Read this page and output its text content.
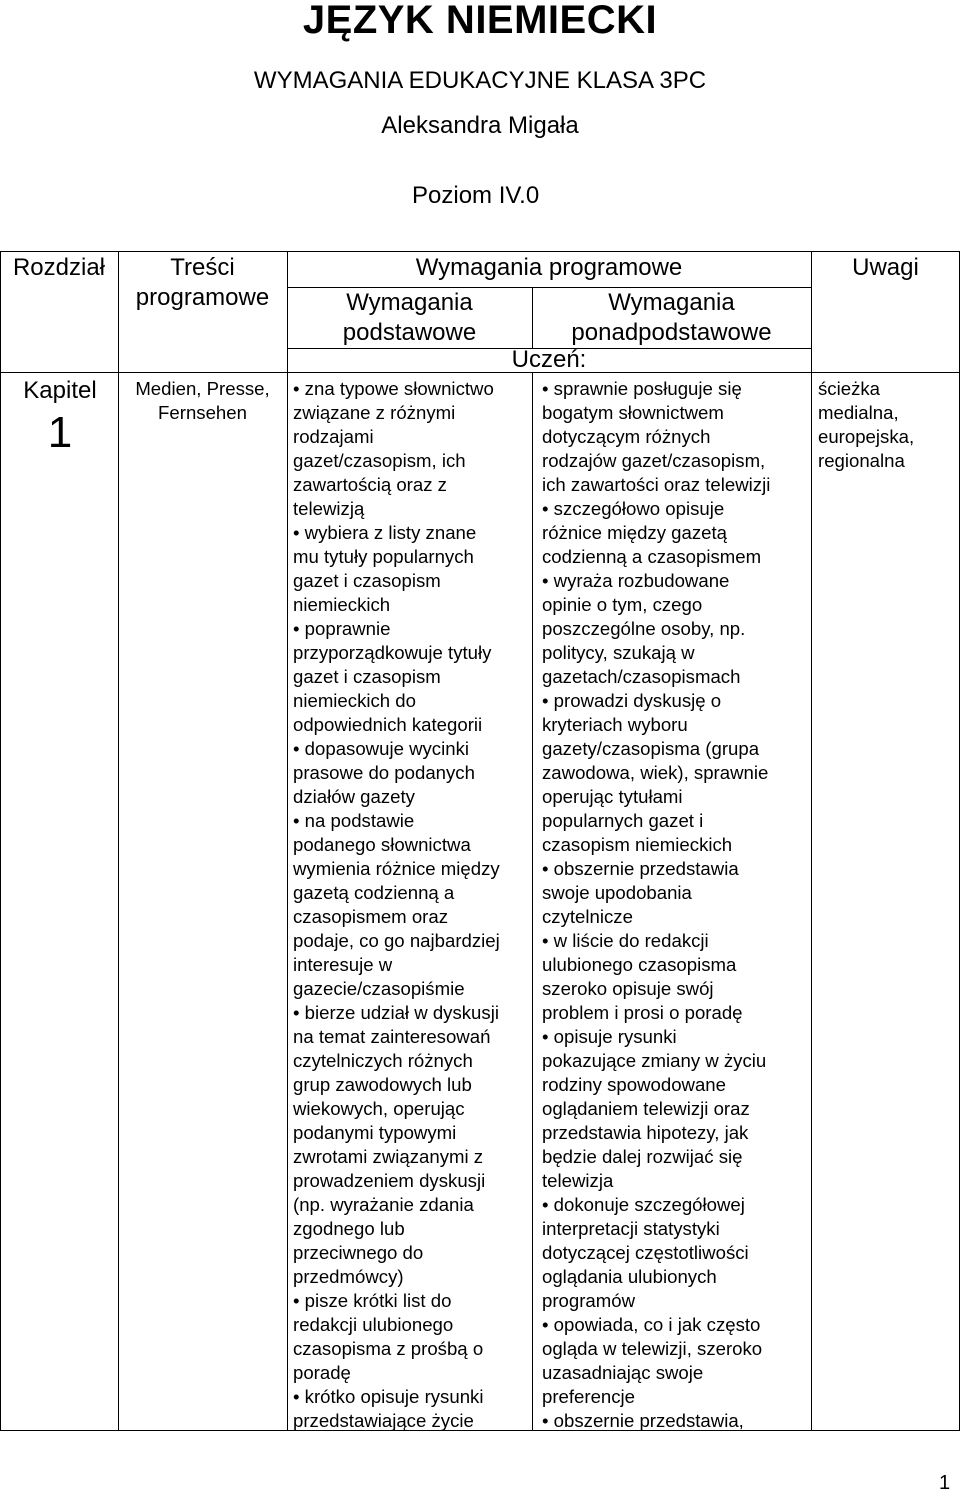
JĘZYK NIEMIECKI
WYMAGANIA EDUKACYJNE KLASA 3PC
Aleksandra Migała
Poziom IV.0
Rozdział	Treści
programowe
Wymagania programowe
Wymagania
podstawowe
Wymagania
ponadpodstawowe
Uczeń:
Uwagi
Kapitel
1
Medien, Presse,
Fernsehen
• zna typowe słownictwo
związane z różnymi
rodzajami
gazet/czasopism, ich
zawartością oraz z
telewizją
• wybiera z listy znane
mu tytuły popularnych
gazet i czasopism
niemieckich
• poprawnie
przyporządkowuje tytuły
gazet i czasopism
niemieckich do
odpowiednich kategorii
• dopasowuje wycinki
prasowe do podanych
działów gazety
• na podstawie
podanego słownictwa
wymienia różnice między
gazetą codzienną a
czasopismem oraz
podaje, co go najbardziej
interesuje w
gazecie/czasopiśmie
• bierze udział w dyskusji
na temat zainteresowań
czytelniczych różnych
grup zawodowych lub
wiekowych, operując
podanymi typowymi
zwrotami związanymi z
prowadzeniem dyskusji
(np. wyrażanie zdania
zgodnego lub
przeciwnego do
przedmówcy)
• pisze krótki list do
redakcji ulubionego
czasopisma z prośbą o
poradę
• krótko opisuje rysunki
przedstawiające życie
• sprawnie posługuje się
bogatym słownictwem
dotyczącym różnych
rodzajów gazet/czasopism,
ich zawartości oraz telewizji
• szczegółowo opisuje
różnice między gazetą
codzienną a czasopismem
• wyraża rozbudowane
opinie o tym, czego
poszczególne osoby, np.
politycy, szukają w
gazetach/czasopismach
• prowadzi dyskusję o
kryteriach wyboru
gazety/czasopisma (grupa
zawodowa, wiek), sprawnie
operując tytułami
popularnych gazet i
czasopism niemieckich
• obszernie przedstawia
swoje upodobania
czytelnicze
• w liście do redakcji
ulubionego czasopisma
szeroko opisuje swój
problem i prosi o poradę
• opisuje rysunki
pokazujące zmiany w życiu
rodziny spowodowane
oglądaniem telewizji oraz
przedstawia hipotezy, jak
będzie dalej rozwijać się
telewizja
• dokonuje szczegółowej
interpretacji statystyki
dotyczącej częstotliwości
oglądania ulubionych
programów
• opowiada, co i jak często
ogląda w telewizji, szeroko
uzasadniając swoje
preferencje
• obszernie przedstawia,
ścieżka
medialna,
europejska,
regionalna
1
